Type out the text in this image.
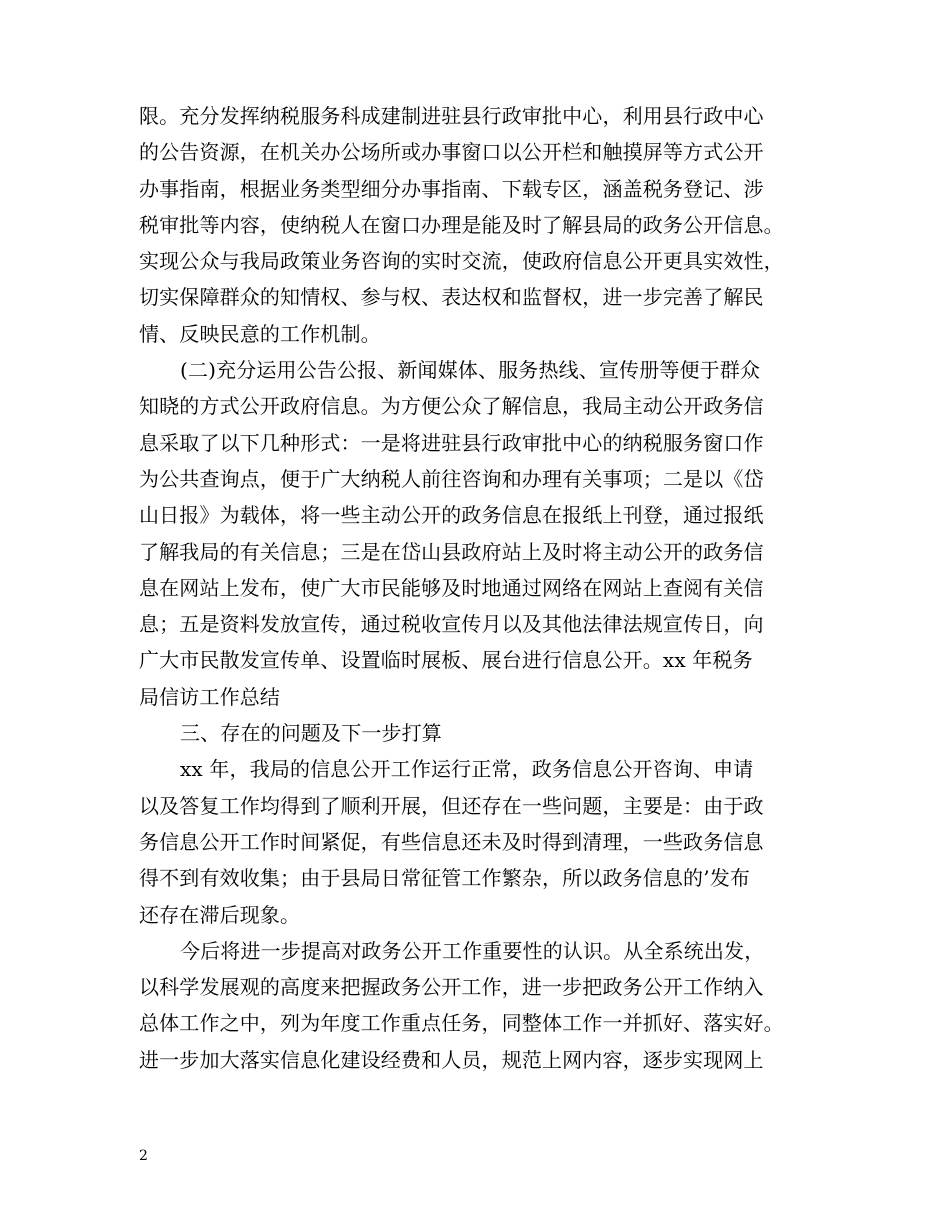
限。充分发挥纳税服务科成建制进驻县行政审批中心，利用县行政中心
的公告资源，在机关办公场所或办事窗口以公开栏和触摸屏等方式公开
办事指南，根据业务类型细分办事指南、下载专区，涵盖税务登记、涉
税审批等内容，使纳税人在窗口办理是能及时了解县局的政务公开信息。
实现公众与我局政策业务咨询的实时交流，使政府信息公开更具实效性，
切实保障群众的知情权、参与权、表达权和监督权，进一步完善了解民
情、反映民意的工作机制。
(二)充分运用公告公报、新闻媒体、服务热线、宣传册等便于群众
知晓的方式公开政府信息。为方便公众了解信息，我局主动公开政务信
息采取了以下几种形式：一是将进驻县行政审批中心的纳税服务窗口作
为公共查询点，便于广大纳税人前往咨询和办理有关事项；二是以《岱
山日报》为载体，将一些主动公开的政务信息在报纸上刊登，通过报纸
了解我局的有关信息；三是在岱山县政府站上及时将主动公开的政务信
息在网站上发布，使广大市民能够及时地通过网络在网站上查阅有关信
息；五是资料发放宣传，通过税收宣传月以及其他法律法规宣传日，向
广大市民散发宣传单、设置临时展板、展台进行信息公开。xx 年税务
局信访工作总结
三、存在的问题及下一步打算
xx 年，我局的信息公开工作运行正常，政务信息公开咨询、申请
以及答复工作均得到了顺利开展，但还存在一些问题，主要是：由于政
务信息公开工作时间紧促，有些信息还未及时得到清理，一些政务信息
得不到有效收集；由于县局日常征管工作繁杂，所以政务信息的’发布
还存在滞后现象。
今后将进一步提高对政务公开工作重要性的认识。从全系统出发，
以科学发展观的高度来把握政务公开工作，进一步把政务公开工作纳入
总体工作之中，列为年度工作重点任务，同整体工作一并抓好、落实好。
进一步加大落实信息化建设经费和人员，规范上网内容，逐步实现网上
2
